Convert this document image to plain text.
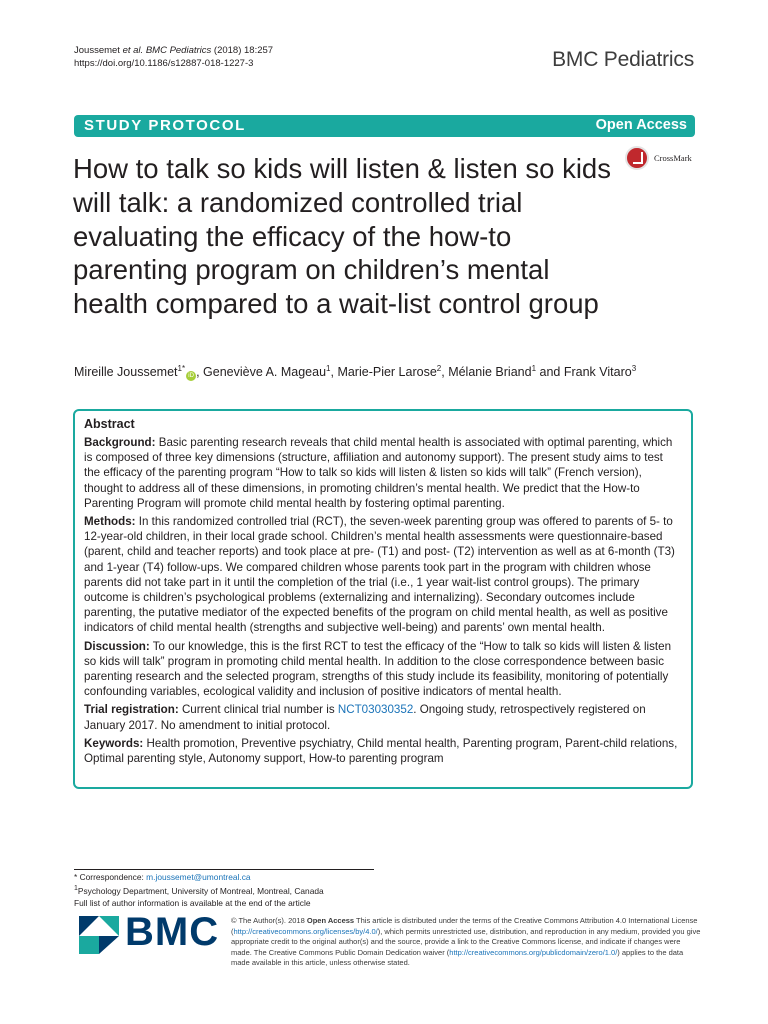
Joussemet et al. BMC Pediatrics (2018) 18:257
https://doi.org/10.1186/s12887-018-1227-3	BMC Pediatrics
STUDY PROTOCOL	Open Access
CrossMark
How to talk so kids will listen & listen so kids will talk: a randomized controlled trial evaluating the efficacy of the how-to parenting program on children’s mental health compared to a wait-list control group
Mireille Joussemet$^{1*}$iD , Geneviève A. Mageau$^1$, Marie-Pier Larose$^2$, Mélanie Briand$^1$ and Frank Vitaro$^3$
Abstract

Background: Basic parenting research reveals that child mental health is associated with optimal parenting, which is composed of three key dimensions (structure, affiliation and autonomy support). The present study aims to test the efficacy of the parenting program “How to talk so kids will listen & listen so kids will talk” (French version), thought to address all of these dimensions, in promoting children’s mental health. We predict that the How-to Parenting Program will promote child mental health by fostering optimal parenting.

Methods: In this randomized controlled trial (RCT), the seven-week parenting group was offered to parents of 5- to 12-year-old children, in their local grade school. Children’s mental health assessments were questionnaire-based (parent, child and teacher reports) and took place at pre- (T1) and post- (T2) intervention as well as at 6-month (T3) and 1-year (T4) follow-ups. We compared children whose parents took part in the program with children whose parents did not take part in it until the completion of the trial (i.e., 1 year wait-list control groups). The primary outcome is children’s psychological problems (externalizing and internalizing). Secondary outcomes include parenting, the putative mediator of the expected benefits of the program on child mental health, as well as positive indicators of child mental health (strengths and subjective well-being) and parents’ own mental health.

Discussion: To our knowledge, this is the first RCT to test the efficacy of the “How to talk so kids will listen & listen so kids will talk” program in promoting child mental health. In addition to the close correspondence between basic parenting research and the selected program, strengths of this study include its feasibility, monitoring of potentially confounding variables, ecological validity and inclusion of positive indicators of mental health.

Trial registration: Current clinical trial number is NCT03030352. Ongoing study, retrospectively registered on January 2017. No amendment to initial protocol.

Keywords: Health promotion, Preventive psychiatry, Child mental health, Parenting program, Parent-child relations, Optimal parenting style, Autonomy support, How-to parenting program

* Correspondence: m.joussemet@umontreal.ca
$^1$Psychology Department, University of Montreal, Montreal, Canada
Full list of author information is available at the end of the article
BMC © The Author(s). 2018 Open Access This article is distributed under the terms of the Creative Commons Attribution 4.0 International License (http://creativecommons.org/licenses/by/4.0/), which permits unrestricted use, distribution, and reproduction in any medium, provided you give appropriate credit to the original author(s) and the source, provide a link to the Creative Commons license, and indicate if changes were made. The Creative Commons Public Domain Dedication waiver (http://creativecommons.org/publicdomain/zero/1.0/) applies to the data made available in this article, unless otherwise stated.
